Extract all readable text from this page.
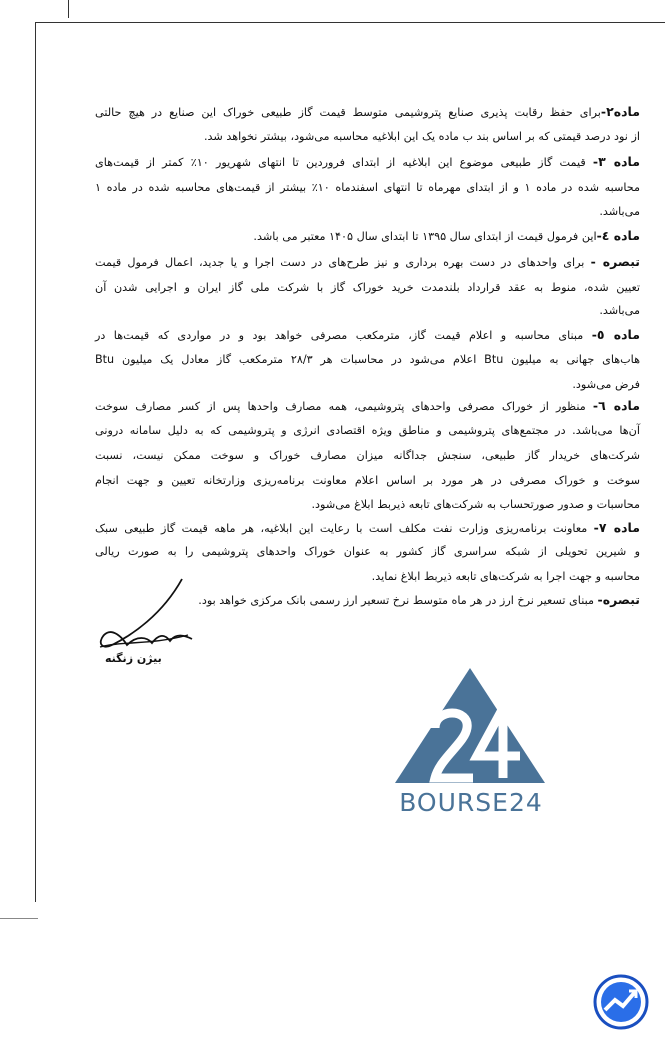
ماده۲-برای حفظ رقابت پذیری صنایع پتروشیمی متوسط قیمت گاز طبیعی خوراک این صنایع در هیچ حالتی
از نود درصد قیمتی که بر اساس بند ب ماده یک این ابلاغیه محاسبه می‌شود، بیشتر نخواهد شد.
ماده ۳- قیمت گاز طبیعی موضوع این ابلاغیه از ابتدای فروردین تا انتهای شهریور ۱۰٪ کمتر از قیمت‌های
محاسبه شده در ماده ۱ و از ابتدای مهرماه تا انتهای اسفندماه ۱۰٪ بیشتر از قیمت‌های محاسبه شده در ماده ۱
می‌باشد.
ماده ٤-این فرمول قیمت از ابتدای سال ۱۳۹۵ تا ابتدای سال ۱۴۰۵ معتبر می باشد.
تبصره - برای واحدهای در دست بهره برداری و نیز طرح‌های در دست اجرا و یا جدید، اعمال فرمول قیمت
تعیین شده، منوط به عقد قرارداد بلندمدت خرید خوراک گاز با شرکت ملی گاز ایران و اجرایی شدن آن
می‌باشد.
ماده ٥- مبنای محاسبه و اعلام قیمت گاز، مترمکعب مصرفی خواهد بود و در مواردی که قیمت‌ها در
هاب‌های جهانی به میلیون Btu اعلام می‌شود در محاسبات هر ۲۸/۳ مترمکعب گاز معادل یک میلیون Btu
فرض می‌شود.
ماده ٦- منظور از خوراک مصرفی واحدهای پتروشیمی، همه مصارف واحدها پس از کسر مصارف سوخت
آن‌ها می‌باشد. در مجتمع‌های پتروشیمی و مناطق ویژه اقتصادی انرژی و پتروشیمی که به دلیل سامانه درونی
شرکت‌های خریدار گاز طبیعی، سنجش جداگانه میزان مصارف خوراک و سوخت ممکن نیست، نسبت
سوخت و خوراک مصرفی در هر مورد بر اساس اعلام معاونت برنامه‌ریزی وزارتخانه تعیین و جهت انجام
محاسبات و صدور صورتحساب به شرکت‌های تابعه ذیربط ابلاغ می‌شود.
ماده ۷- معاونت برنامه‌ریزی وزارت نفت مکلف است با رعایت این ابلاغیه، هر ماهه قیمت گاز طبیعی سبک
و شیرین تحویلی از شبکه سراسری گاز کشور به عنوان خوراک واحدهای پتروشیمی را به صورت ریالی
محاسبه و جهت اجرا به شرکت‌های تابعه ذیربط ابلاغ نماید.
تبصره- مبنای تسعیر نرخ ارز در هر ماه متوسط نرخ تسعیر ارز رسمی بانک مرکزی خواهد بود.
بیژن زنگنه
BOURSE24
